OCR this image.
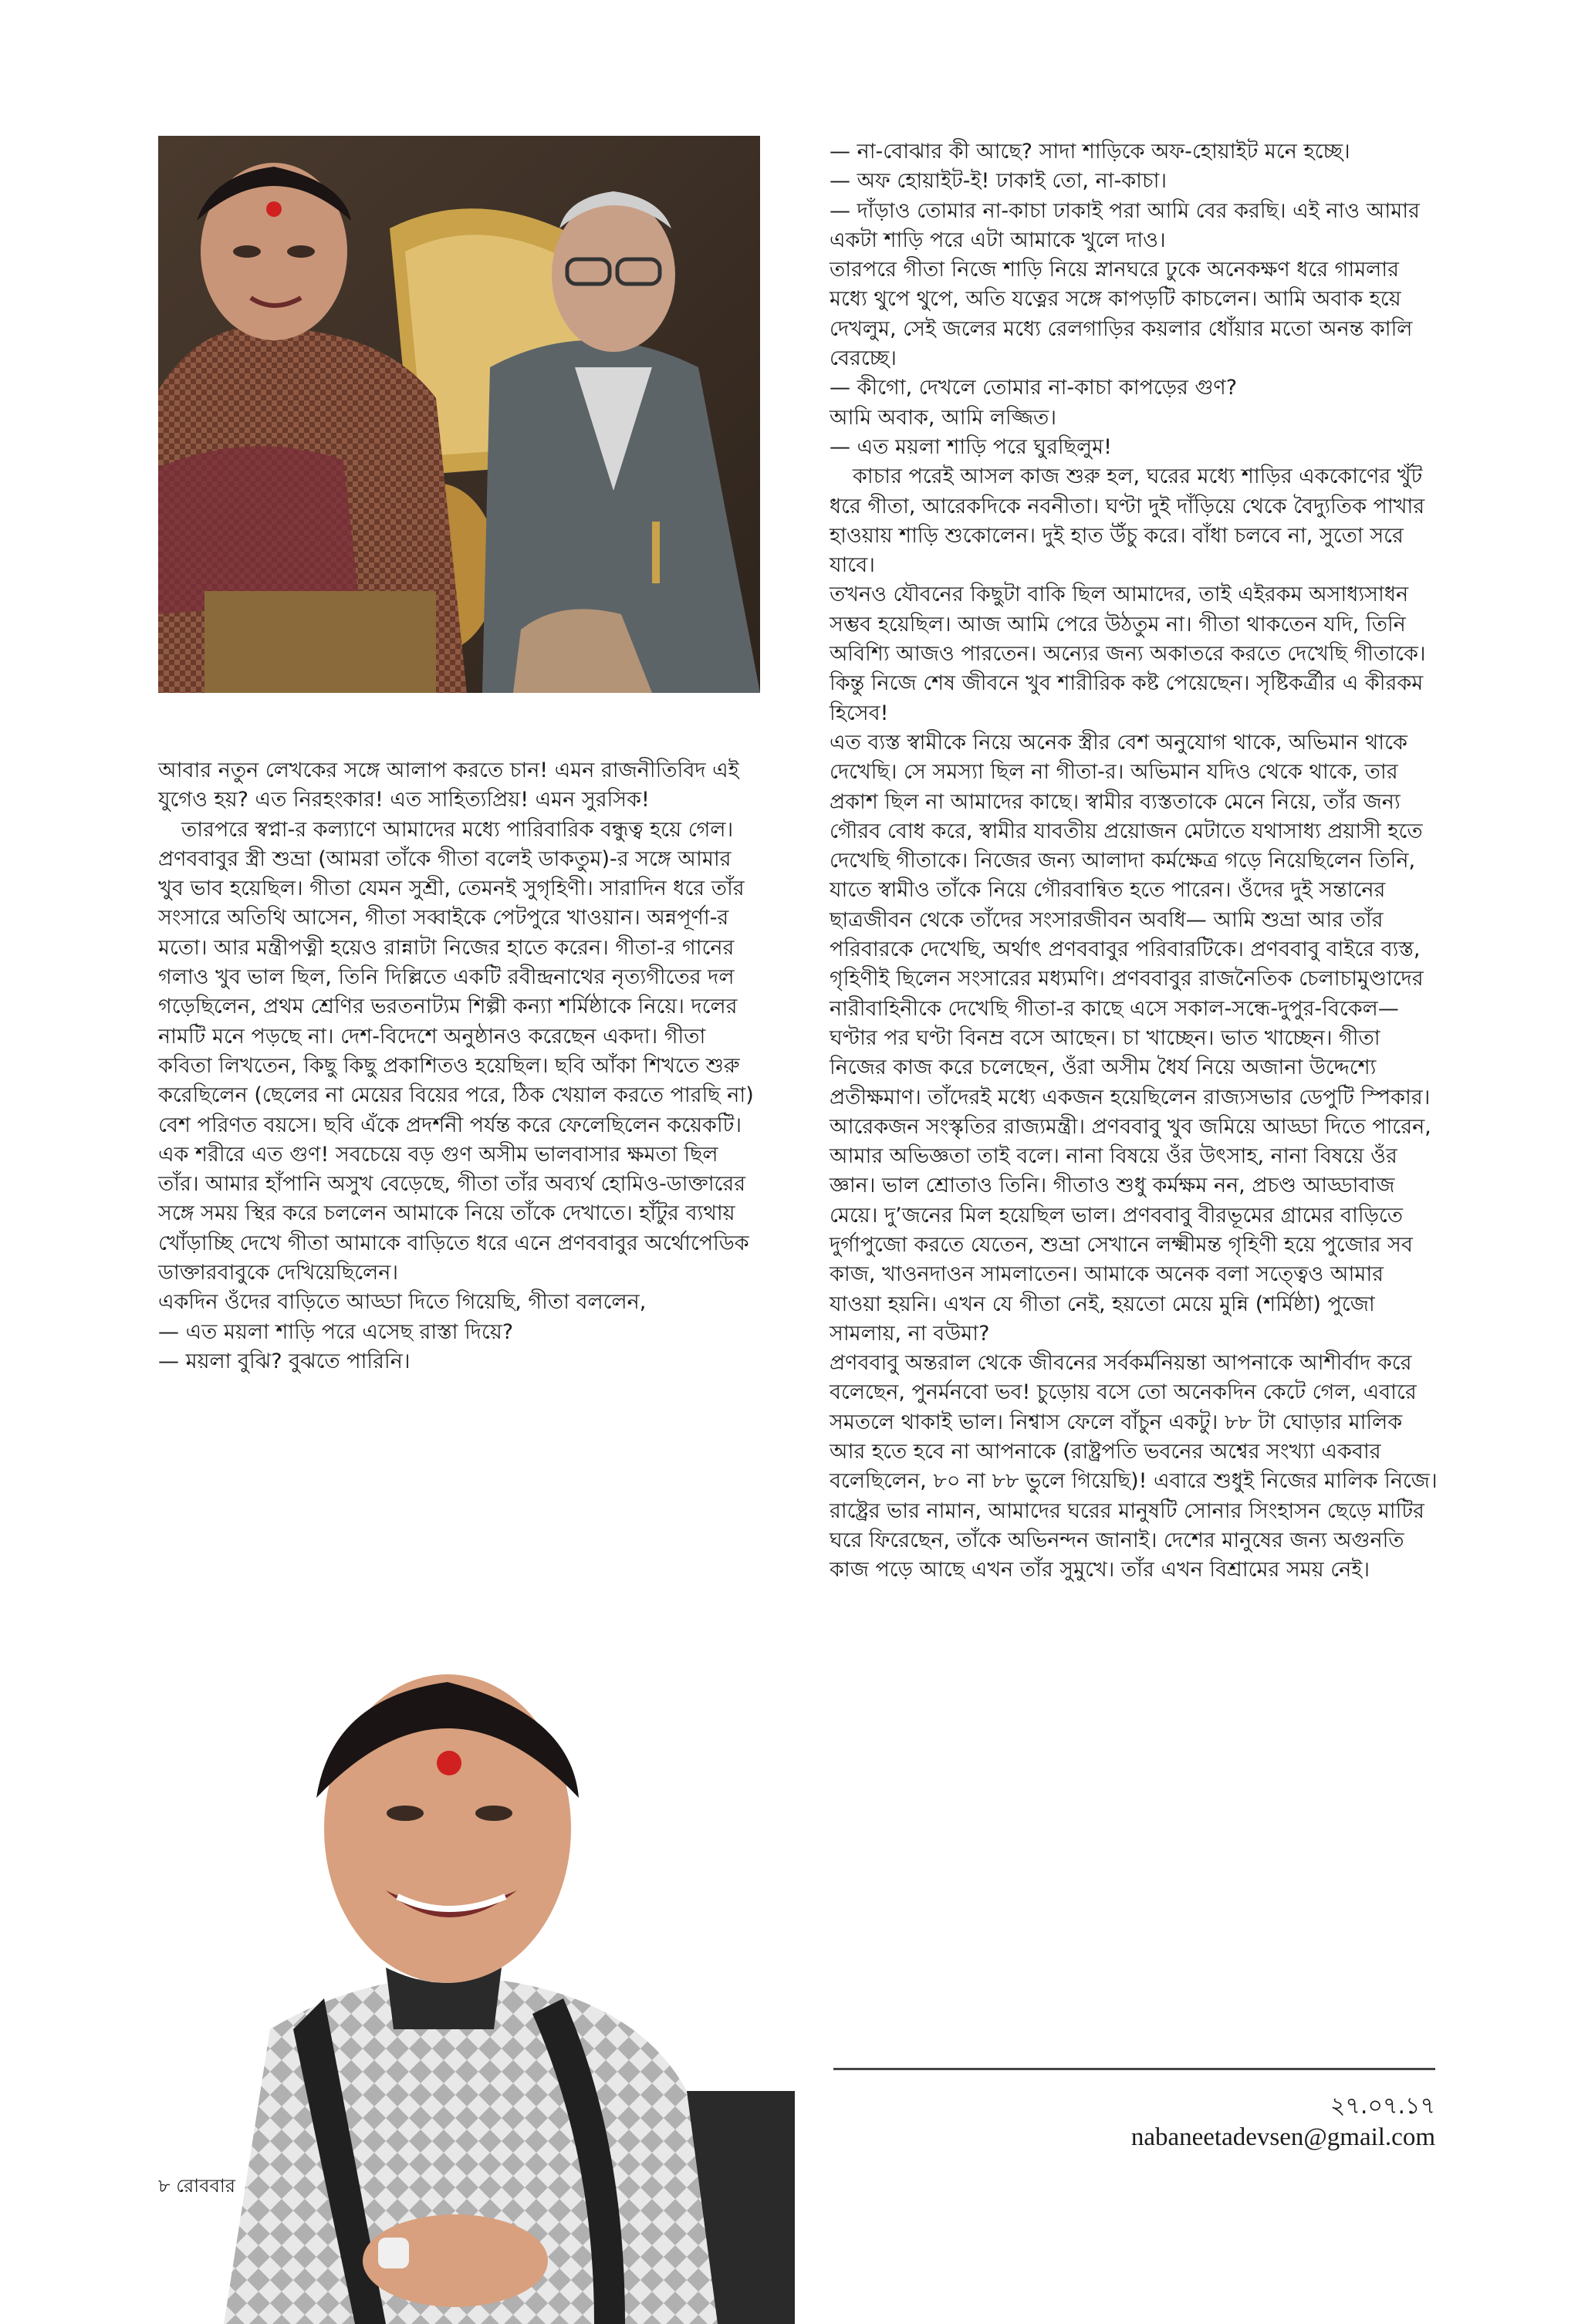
আবার নতুন লেখকের সঙ্গে আলাপ করতে চান! এমন রাজনীতিবিদ এই যুগেও হয়? এত নিরহংকার! এত সাহিত্যপ্রিয়! এমন সুরসিক!

তারপরে স্বপ্না-র কল্যাণে আমাদের মধ্যে পারিবারিক বন্ধুত্ব হয়ে গেল। প্রণববাবুর স্ত্রী শুভ্রা (আমরা তাঁকে গীতা বলেই ডাকতুম)-র সঙ্গে আমার খুব ভাব হয়েছিল। গীতা যেমন সুশ্রী, তেমনই সুগৃহিণী। সারাদিন ধরে তাঁর সংসারে অতিথি আসেন, গীতা সব্বাইকে পেটপুরে খাওয়ান। অন্নপূর্ণা-র মতো। আর মন্ত্রীপত্নী হয়েও রান্নাটা নিজের হাতে করেন। গীতা-র গানের গলাও খুব ভাল ছিল, তিনি দিল্লিতে একটি রবীন্দ্রনাথের নৃত্যগীতের দল গড়েছিলেন, প্রথম শ্রেণির ভরতনাট্যম শিল্পী কন্যা শর্মিষ্ঠাকে নিয়ে। দলের নামটি মনে পড়ছে না। দেশ-বিদেশে অনুষ্ঠানও করেছেন একদা। গীতা কবিতা লিখতেন, কিছু কিছু প্রকাশিতও হয়েছিল। ছবি আঁকা শিখতে শুরু করেছিলেন (ছেলের না মেয়ের বিয়ের পরে, ঠিক খেয়াল করতে পারছি না) বেশ পরিণত বয়সে। ছবি এঁকে প্রদর্শনী পর্যন্ত করে ফেলেছিলেন কয়েকটি। এক শরীরে এত গুণ! সবচেয়ে বড় গুণ অসীম ভালবাসার ক্ষমতা ছিল তাঁর। আমার হাঁপানি অসুখ বেড়েছে, গীতা তাঁর অব্যর্থ হোমিও-ডাক্তারের সঙ্গে সময় স্থির করে চললেন আমাকে নিয়ে তাঁকে দেখাতে। হাঁটুর ব্যথায় খোঁড়াচ্ছি দেখে গীতা আমাকে বাড়িতে ধরে এনে প্রণববাবুর অর্থোপেডিক ডাক্তারবাবুকে দেখিয়েছিলেন।

একদিন ওঁদের বাড়িতে আড্ডা দিতে গিয়েছি, গীতা বললেন,

— এত ময়লা শাড়ি পরে এসেছ রাস্তা দিয়ে?

— ময়লা বুঝি? বুঝতে পারিনি।

— না-বোঝার কী আছে? সাদা শাড়িকে অফ-হোয়াইট মনে হচ্ছে।

— অফ হোয়াইট-ই! ঢাকাই তো, না-কাচা।

— দাঁড়াও তোমার না-কাচা ঢাকাই পরা আমি বের করছি। এই নাও আমার একটা শাড়ি পরে এটা আমাকে খুলে দাও।

তারপরে গীতা নিজে শাড়ি নিয়ে স্নানঘরে ঢুকে অনেকক্ষণ ধরে গামলার মধ্যে থুপে থুপে, অতি যত্নের সঙ্গে কাপড়টি কাচলেন। আমি অবাক হয়ে দেখলুম, সেই জলের মধ্যে রেলগাড়ির কয়লার ধোঁয়ার মতো অনন্ত কালি বেরচ্ছে।

— কীগো, দেখলে তোমার না-কাচা কাপড়ের গুণ?

আমি অবাক, আমি লজ্জিত।

— এত ময়লা শাড়ি পরে ঘুরছিলুম!

কাচার পরেই আসল কাজ শুরু হল, ঘরের মধ্যে শাড়ির এককোণের খুঁট ধরে গীতা, আরেকদিকে নবনীতা। ঘণ্টা দুই দাঁড়িয়ে থেকে বৈদ্যুতিক পাখার হাওয়ায় শাড়ি শুকোলেন। দুই হাত উঁচু করে। বাঁধা চলবে না, সুতো সরে যাবে।

তখনও যৌবনের কিছুটা বাকি ছিল আমাদের, তাই এইরকম অসাধ্যসাধন সম্ভব হয়েছিল। আজ আমি পেরে উঠতুম না। গীতা থাকতেন যদি, তিনি অবিশ্যি আজও পারতেন। অন্যের জন্য অকাতরে করতে দেখেছি গীতাকে। কিন্তু নিজে শেষ জীবনে খুব শারীরিক কষ্ট পেয়েছেন। সৃষ্টিকর্ত্রীর এ কীরকম হিসেব!

এত ব্যস্ত স্বামীকে নিয়ে অনেক স্ত্রীর বেশ অনুযোগ থাকে, অভিমান থাকে দেখেছি। সে সমস্যা ছিল না গীতা-র। অভিমান যদিও থেকে থাকে, তার প্রকাশ ছিল না আমাদের কাছে। স্বামীর ব্যস্ততাকে মেনে নিয়ে, তাঁর জন্য গৌরব বোধ করে, স্বামীর যাবতীয় প্রয়োজন মেটাতে যথাসাধ্য প্রয়াসী হতে দেখেছি গীতাকে। নিজের জন্য আলাদা কর্মক্ষেত্র গড়ে নিয়েছিলেন তিনি, যাতে স্বামীও তাঁকে নিয়ে গৌরবান্বিত হতে পারেন। ওঁদের দুই সন্তানের ছাত্রজীবন থেকে তাঁদের সংসারজীবন অবধি— আমি শুভ্রা আর তাঁর পরিবারকে দেখেছি, অর্থাৎ প্রণববাবুর পরিবারটিকে। প্রণববাবু বাইরে ব্যস্ত, গৃহিণীই ছিলেন সংসারের মধ্যমণি। প্রণববাবুর রাজনৈতিক চেলাচামুণ্ডাদের নারীবাহিনীকে দেখেছি গীতা-র কাছে এসে সকাল-সন্ধে-দুপুর-বিকেল— ঘণ্টার পর ঘণ্টা বিনম্র বসে আছেন। চা খাচ্ছেন। ভাত খাচ্ছেন। গীতা নিজের কাজ করে চলেছেন, ওঁরা অসীম ধৈর্য নিয়ে অজানা উদ্দেশ্যে প্রতীক্ষমাণ। তাঁদেরই মধ্যে একজন হয়েছিলেন রাজ্যসভার ডেপুটি স্পিকার। আরেকজন সংস্কৃতির রাজ্যমন্ত্রী। প্রণববাবু খুব জমিয়ে আড্ডা দিতে পারেন, আমার অভিজ্ঞতা তাই বলে। নানা বিষয়ে ওঁর উৎসাহ, নানা বিষয়ে ওঁর জ্ঞান। ভাল শ্রোতাও তিনি। গীতাও শুধু কর্মক্ষম নন, প্রচণ্ড আড্ডাবাজ মেয়ে। দু’জনের মিল হয়েছিল ভাল। প্রণববাবু বীরভূমের গ্রামের বাড়িতে দুর্গাপুজো করতে যেতেন, শুভ্রা সেখানে লক্ষ্মীমন্ত গৃহিণী হয়ে পুজোর সব কাজ, খাওনদাওন সামলাতেন। আমাকে অনেক বলা সত্ত্বেও আমার যাওয়া হয়নি। এখন যে গীতা নেই, হয়তো মেয়ে মুন্নি (শর্মিষ্ঠা) পুজো সামলায়, না বউমা?

প্রণববাবু অন্তরাল থেকে জীবনের সর্বকর্মনিয়ন্তা আপনাকে আশীর্বাদ করে বলেছেন, পুনর্মনবো ভব! চুড়োয় বসে তো অনেকদিন কেটে গেল, এবারে সমতলে থাকাই ভাল। নিশ্বাস ফেলে বাঁচুন একটু। ৮৮ টা ঘোড়ার মালিক আর হতে হবে না আপনাকে (রাষ্ট্রপতি ভবনের অশ্বের সংখ্যা একবার বলেছিলেন, ৮০ না ৮৮ ভুলে গিয়েছি)! এবারে শুধুই নিজের মালিক নিজে। রাষ্ট্রের ভার নামান, আমাদের ঘরের মানুষটি সোনার সিংহাসন ছেড়ে মাটির ঘরে ফিরেছেন, তাঁকে অভিনন্দন জানাই। দেশের মানুষের জন্য অগুনতি কাজ পড়ে আছে এখন তাঁর সুমুখে। তাঁর এখন বিশ্রামের সময় নেই।

২৭.০৭.১৭
nabaneetadevsen@gmail.com
৮ রোববার
